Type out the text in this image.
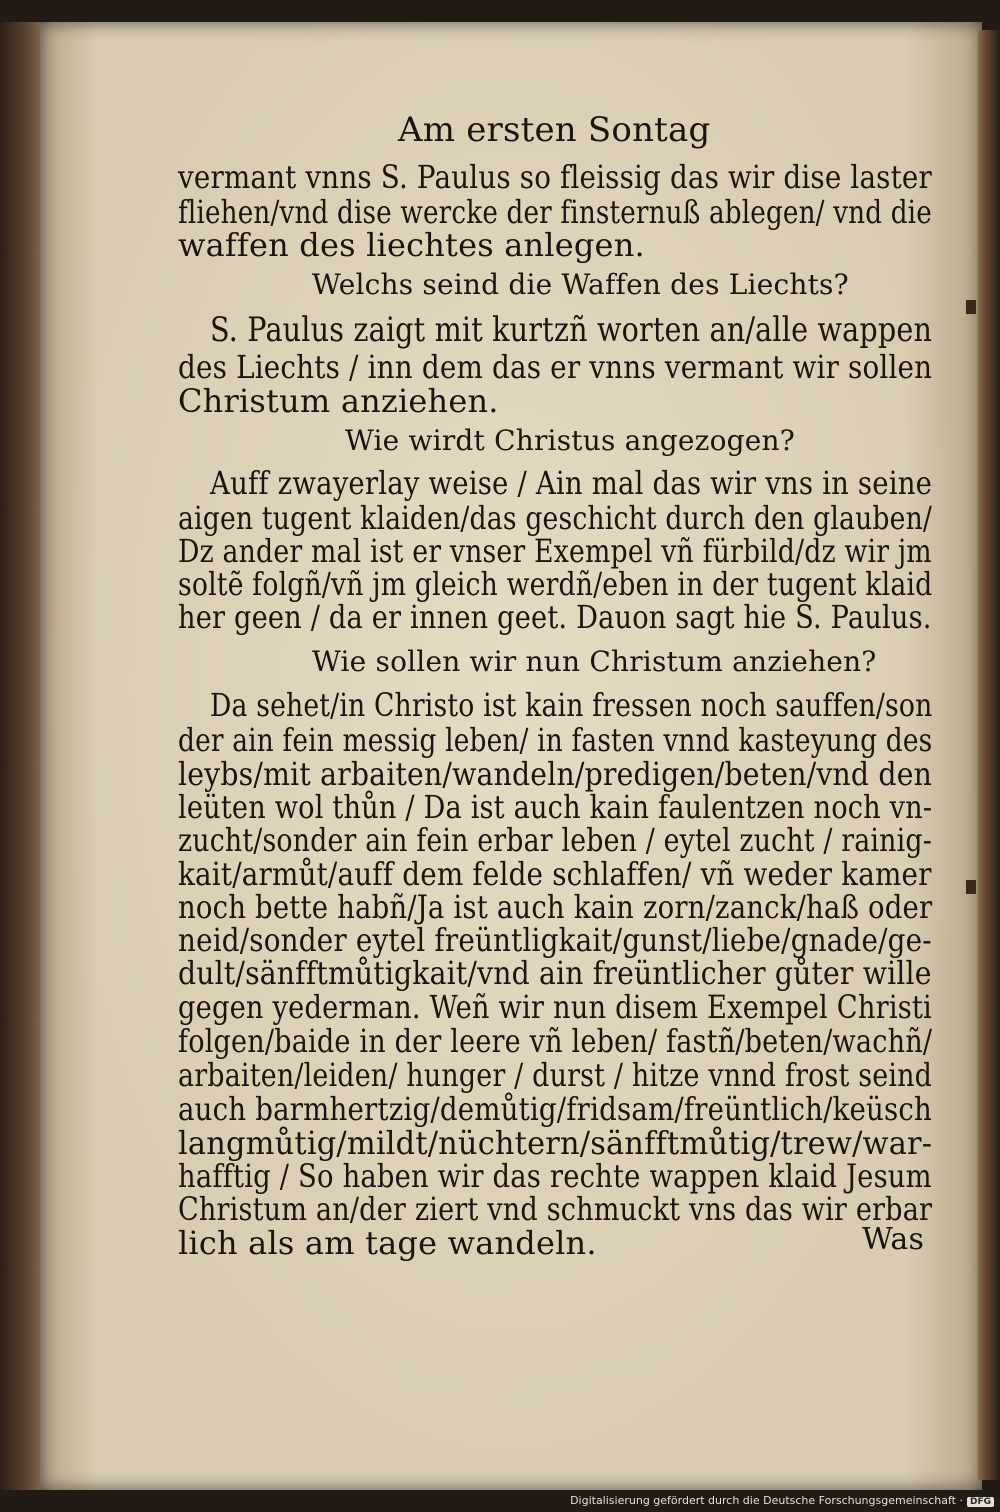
Am ersten Sontag
vermant vnns S. Paulus so fleissig das wir dise laster
fliehen/vnd dise wercke der finsternuß ablegen/ vnd die
waffen des liechtes anlegen.
Welchs seind die Waffen des Liechts?
S. Paulus zaigt mit kurtzñ worten an/alle wappen
des Liechts / inn dem das er vnns vermant wir sollen
Christum anziehen.
Wie wirdt Christus angezogen?
Auff zwayerlay weise / Ain mal das wir vns in seine
aigen tugent klaiden/das geschicht durch den glauben/
Dz ander mal ist er vnser Exempel vñ fürbild/dz wir jm
soltẽ folgñ/vñ jm gleich werdñ/eben in der tugent klaid
her geen / da er innen geet. Dauon sagt hie S. Paulus.
Wie sollen wir nun Christum anziehen?
Da sehet/in Christo ist kain fressen noch sauffen/son
der ain fein messig leben/ in fasten vnnd kasteyung des
leybs/mit arbaiten/wandeln/predigen/beten/vnd den
leüten wol thůn / Da ist auch kain faulentzen noch vn-
zucht/sonder ain fein erbar leben / eytel zucht / rainig-
kait/armůt/auff dem felde schlaffen/ vñ weder kamer
noch bette habñ/Ja ist auch kain zorn/zanck/haß oder
neid/sonder eytel freüntligkait/gunst/liebe/gnade/ge-
dult/sänfftmůtigkait/vnd ain freüntlicher gůter wille
gegen yederman. Weñ wir nun disem Exempel Christi
folgen/baide in der leere vñ leben/ fastñ/beten/wachñ/
arbaiten/leiden/ hunger / durst / hitze vnnd frost seind
auch barmhertzig/demůtig/fridsam/freüntlich/keüsch
langmůtig/mildt/nüchtern/sänfftmůtig/trew/war-
hafftig / So haben wir das rechte wappen klaid Jesum
Christum an/der ziert vnd schmuckt vns das wir erbar
lich als am tage wandeln.	Was
Digitalisierung gefördert durch die Deutsche Forschungsgemeinschaft · DFG
